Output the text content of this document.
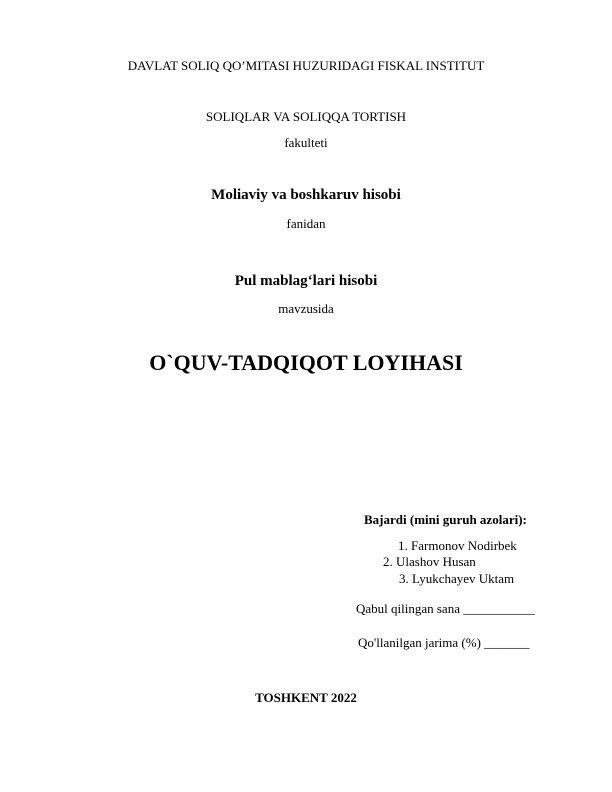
DAVLAT SOLIQ QO’MITASI HUZURIDAGI FISKAL INSTITUT
SOLIQLAR VA SOLIQQA TORTISH
fakulteti
Moliaviy va boshkaruv hisobi
fanidan
Pul mablag‘lari hisobi
mavzusida
O`QUV-TADQIQOT LOYIHASI
Bajardi (mini guruh azolari):
1. Farmonov Nodirbek
2. Ulashov Husan
3. Lyukchayev Uktam
Qabul qilingan sana ___________
Qo'llanilgan jarima (%) _______
TOSHKENT 2022
